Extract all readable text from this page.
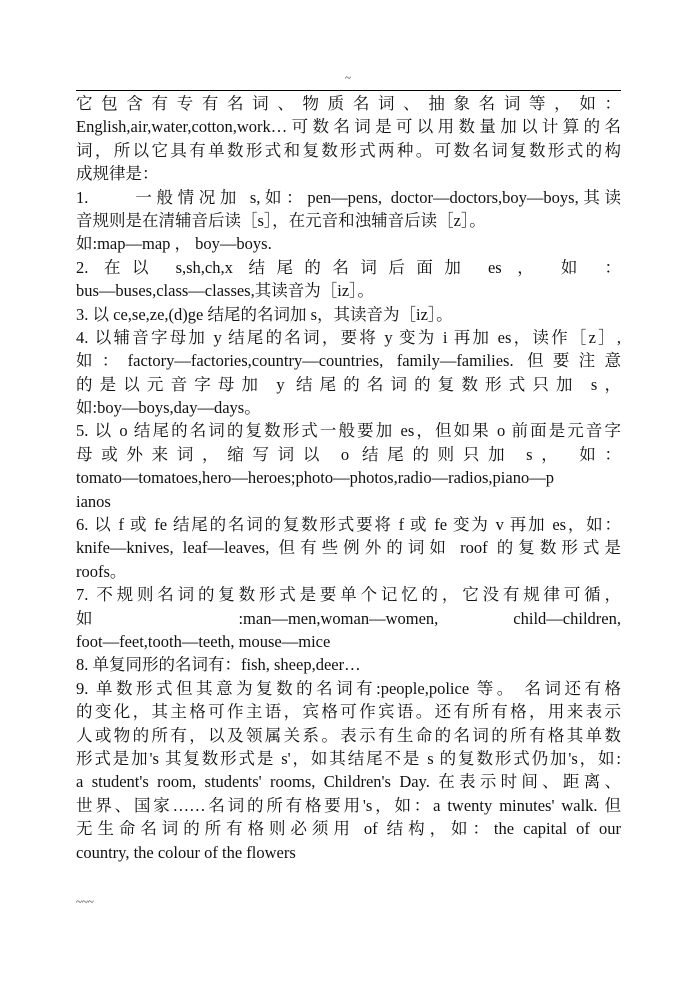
~
它包含有专有名词、物质名词、抽象名词等，如：
English,air,water,cotton,work…可数名词是可以用数量加以计算的名
词，所以它具有单数形式和复数形式两种。可数名词复数形式的构
成规律是：
1.　　一般情况加 s,如：pen—pens, doctor—doctors,boy—boys,其读
音规则是在清辅音后读［s］，在元音和浊辅音后读［z］。
如:map—map ， boy—boys.
2. 在以 s,sh,ch,x 结尾的名词后面加 es ， 如 ：
bus—buses,class—classes,其读音为［iz］。
3. 以 ce,se,ze,(d)ge 结尾的名词加 s，其读音为［iz］。
4. 以辅音字母加 y 结尾的名词，要将 y 变为 i 再加 es，读作［z］,
如：factory—factories,country—countries, family—families. 但要注意
的是以元音字母加 y 结尾的名词的复数形式只加 s，
如:boy—boys,day—days。
5. 以 o 结尾的名词的复数形式一般要加 es，但如果 o 前面是元音字
母或外来词，缩写词以 o 结尾的则只加 s， 如：
tomato—tomatoes,hero—heroes;photo—photos,radio—radios,piano—p
ianos
6. 以 f 或 fe 结尾的名词的复数形式要将 f 或 fe 变为 v 再加 es，如：
knife—knives, leaf—leaves, 但有些例外的词如 roof 的复数形式是
roofs。
7. 不规则名词的复数形式是要单个记忆的，它没有规律可循，
如 :man—men,woman—women, child—children,
foot—feet,tooth—teeth, mouse—mice
8. 单复同形的名词有：fish, sheep,deer…
9. 单数形式但其意为复数的名词有:people,police 等。 名词还有格
的变化，其主格可作主语，宾格可作宾语。还有所有格，用来表示
人或物的所有，以及领属关系。表示有生命的名词的所有格其单数
形式是加's 其复数形式是 s'，如其结尾不是 s 的复数形式仍加's，如:
a student's room, students' rooms, Children's Day. 在表示时间、距离、
世界、国家……名词的所有格要用's，如：a twenty minutes' walk. 但
无生命名词的所有格则必须用 of 结构，如：the capital of our
country, the colour of the flowers
~~~
